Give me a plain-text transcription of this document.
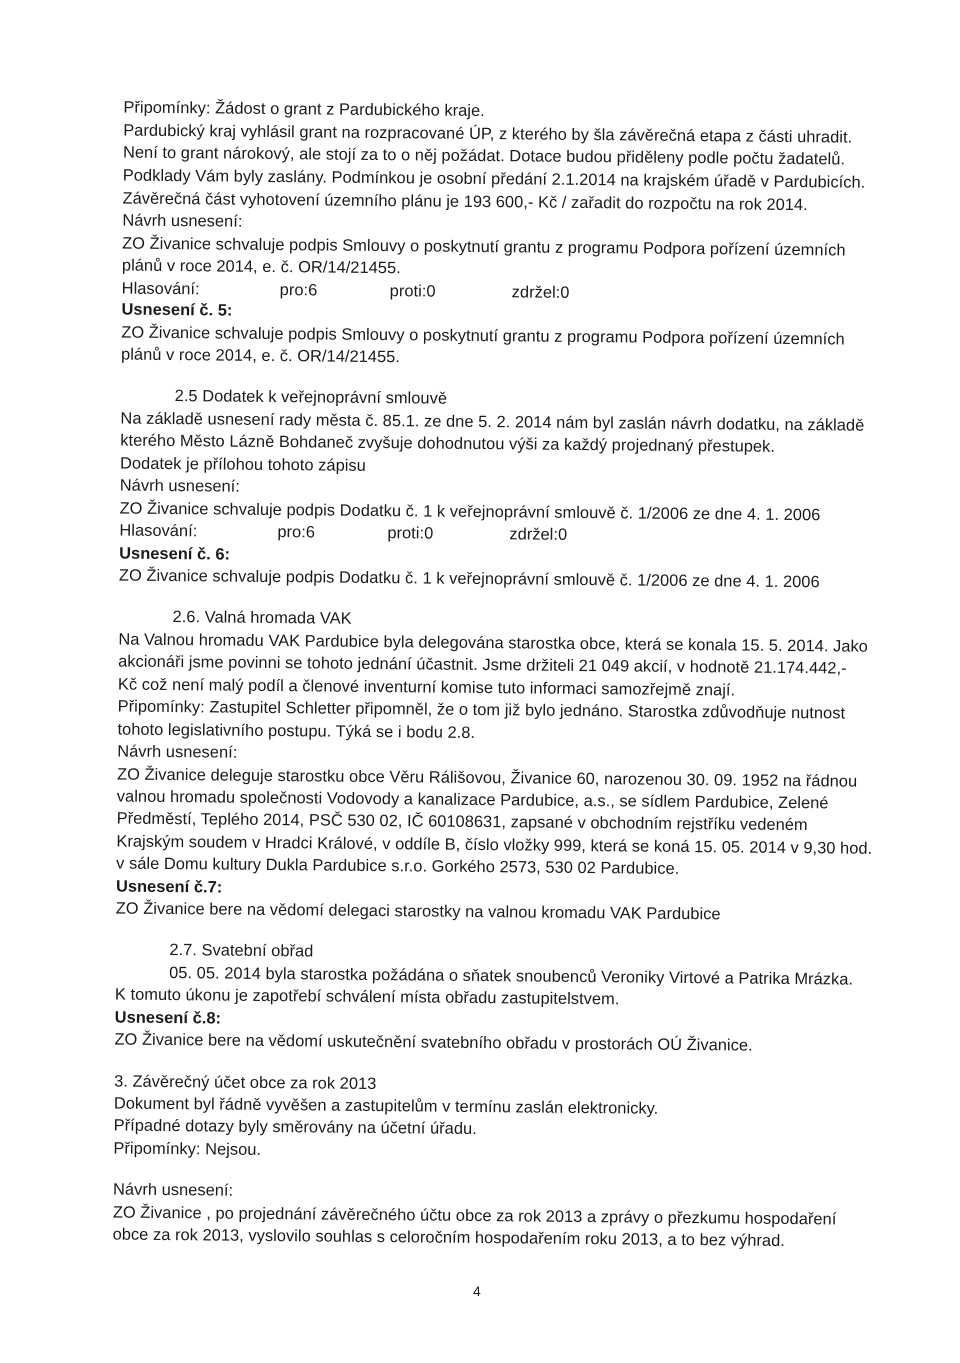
Připomínky: Žádost o grant z Pardubického kraje.
Pardubický kraj vyhlásil grant na rozpracované ÚP, z kterého by šla závěrečná etapa z části uhradit.
Není to grant nárokový, ale stojí za to o něj požádat. Dotace budou přiděleny podle počtu žadatelů.
Podklady Vám byly zaslány. Podmínkou je osobní předání 2.1.2014 na krajském úřadě v Pardubicích.
Závěrečná část vyhotovení územního plánu je 193 600,- Kč / zařadit do rozpočtu na rok 2014.
Návrh usnesení:
ZO Živanice schvaluje podpis Smlouvy o poskytnutí grantu z programu Podpora pořízení územních
plánů v roce 2014, e. č. OR/14/21455.
Hlasování:	pro:6	proti:0	zdržel:0
Usnesení č. 5:
ZO Živanice schvaluje podpis Smlouvy o poskytnutí grantu z programu Podpora pořízení územních
plánů v roce 2014, e. č. OR/14/21455.
2.5 Dodatek k veřejnoprávní smlouvě
Na základě usnesení rady města č. 85.1. ze dne 5. 2. 2014 nám byl zaslán návrh dodatku, na základě
kterého Město Lázně Bohdaneč zvyšuje dohodnutou výši za každý projednaný přestupek.
Dodatek je přílohou tohoto zápisu
Návrh usnesení:
ZO Živanice schvaluje podpis Dodatku č. 1 k veřejnoprávní smlouvě č. 1/2006 ze dne 4. 1. 2006
Hlasování:	pro:6	proti:0	zdržel:0
Usnesení č. 6:
ZO Živanice schvaluje podpis Dodatku č. 1 k veřejnoprávní smlouvě č. 1/2006 ze dne 4. 1. 2006
2.6. Valná hromada VAK
Na Valnou hromadu VAK Pardubice byla delegována starostka obce, která se konala 15. 5. 2014. Jako
akcionáři jsme povinni se tohoto jednání účastnit. Jsme držiteli 21 049 akcií, v hodnotě 21.174.442,-
Kč což není malý podíl a členové inventurní komise tuto informaci samozřejmě znají.
Připomínky: Zastupitel Schletter připomněl, že o tom již bylo jednáno. Starostka zdůvodňuje nutnost
tohoto legislativního postupu. Týká se i bodu 2.8.
Návrh usnesení:
ZO Živanice deleguje starostku obce Věru Rálišovou, Živanice 60, narozenou 30. 09. 1952 na řádnou
valnou hromadu společnosti Vodovody a kanalizace Pardubice, a.s., se sídlem Pardubice, Zelené
Předměstí, Teplého 2014, PSČ 530 02, IČ 60108631, zapsané v obchodním rejstříku vedeném
Krajským soudem v Hradci Králové, v oddíle B, číslo vložky 999, která se koná 15. 05. 2014 v 9,30 hod.
v sále Domu kultury Dukla Pardubice s.r.o. Gorkého 2573, 530 02 Pardubice.
Usnesení č.7:
ZO Živanice bere na vědomí delegaci starostky na valnou kromadu VAK Pardubice
2.7. Svatební obřad
05. 05. 2014 byla starostka požádána o sňatek snoubenců Veroniky Virtové a Patrika Mrázka.
K tomuto úkonu je zapotřebí schválení místa obřadu zastupitelstvem.
Usnesení č.8:
ZO Živanice bere na vědomí uskutečnění svatebního obřadu v prostorách OÚ Živanice.
3. Závěrečný účet obce za rok 2013
Dokument byl řádně vyvěšen a zastupitelům v termínu zaslán elektronicky.
Případné dotazy byly směrovány na účetní úřadu.
Připomínky: Nejsou.
Návrh usnesení:
ZO Živanice , po projednání závěrečného účtu obce za rok 2013 a zprávy o přezkumu hospodaření
obce za rok 2013, vyslovilo souhlas s celoročním hospodařením roku 2013, a to bez výhrad.
4
